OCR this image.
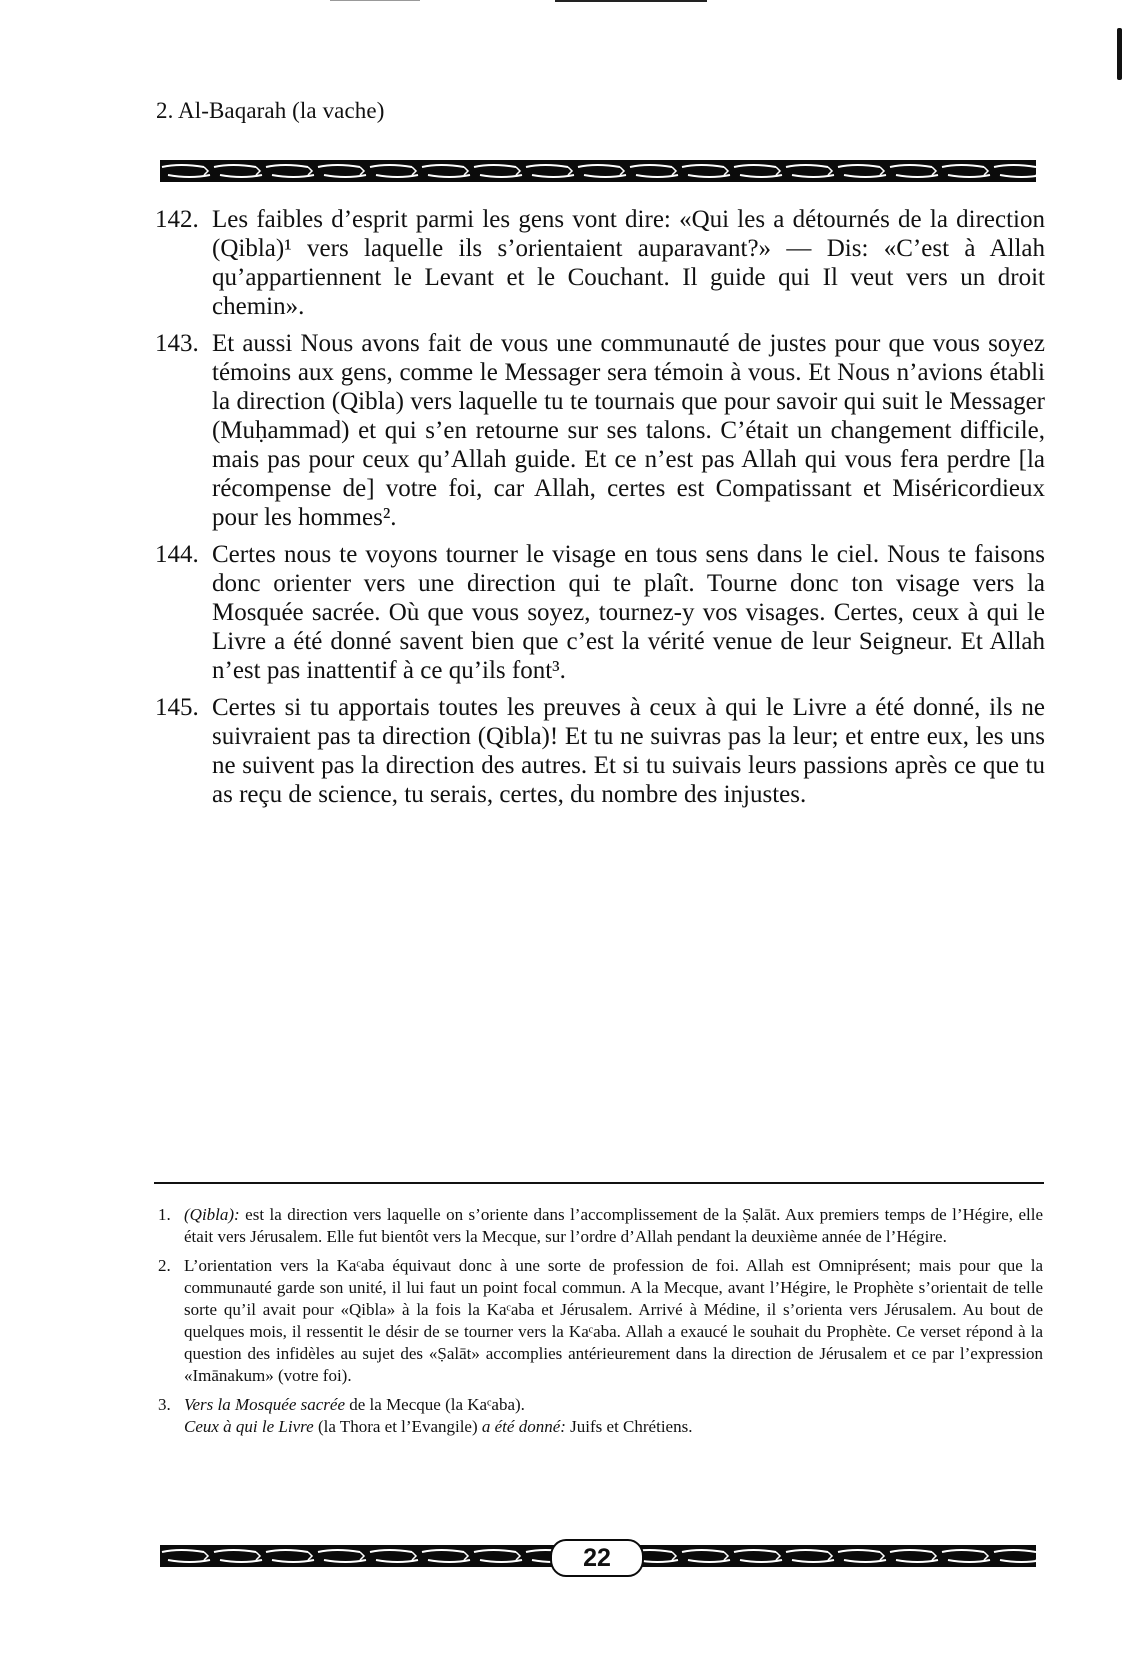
2. Al-Baqarah (la vache)
142. Les faibles d’esprit parmi les gens vont dire: «Qui les a détournés de la direction (Qibla)¹ vers laquelle ils s’orientaient auparavant?» — Dis: «C’est à Allah qu’appartiennent le Levant et le Couchant. Il guide qui Il veut vers un droit chemin».
143. Et aussi Nous avons fait de vous une communauté de justes pour que vous soyez témoins aux gens, comme le Messager sera témoin à vous. Et Nous n’avions établi la direction (Qibla) vers laquelle tu te tournais que pour savoir qui suit le Messager (Muḥammad) et qui s’en retourne sur ses talons. C’était un changement difficile, mais pas pour ceux qu’Allah guide. Et ce n’est pas Allah qui vous fera perdre [la récompense de] votre foi, car Allah, certes est Compatissant et Miséricordieux pour les hommes².
144. Certes nous te voyons tourner le visage en tous sens dans le ciel. Nous te faisons donc orienter vers une direction qui te plaît. Tourne donc ton visage vers la Mosquée sacrée. Où que vous soyez, tournez-y vos visages. Certes, ceux à qui le Livre a été donné savent bien que c’est la vérité venue de leur Seigneur. Et Allah n’est pas inattentif à ce qu’ils font³.
145. Certes si tu apportais toutes les preuves à ceux à qui le Livre a été donné, ils ne suivraient pas ta direction (Qibla)! Et tu ne suivras pas la leur; et entre eux, les uns ne suivent pas la direction des autres. Et si tu suivais leurs passions après ce que tu as reçu de science, tu serais, certes, du nombre des injustes.
1. (Qibla): est la direction vers laquelle on s’oriente dans l’accomplissement de la Ṣalāt. Aux premiers temps de l’Hégire, elle était vers Jérusalem. Elle fut bientôt vers la Mecque, sur l’ordre d’Allah pendant la deuxième année de l’Hégire.
2. L’orientation vers la Kaᶜaba équivaut donc à une sorte de profession de foi. Allah est Omniprésent; mais pour que la communauté garde son unité, il lui faut un point focal commun. A la Mecque, avant l’Hégire, le Prophète s’orientait de telle sorte qu’il avait pour «Qibla» à la fois la Kaᶜaba et Jérusalem. Arrivé à Médine, il s’orienta vers Jérusalem. Au bout de quelques mois, il ressentit le désir de se tourner vers la Kaᶜaba. Allah a exaucé le souhait du Prophète. Ce verset répond à la question des infidèles au sujet des «Ṣalāt» accomplies antérieurement dans la direction de Jérusalem et ce par l’expression «Imānakum» (votre foi).
3. Vers la Mosquée sacrée de la Mecque (la Kaᶜaba).
Ceux à qui le Livre (la Thora et l’Evangile) a été donné: Juifs et Chrétiens.
22
